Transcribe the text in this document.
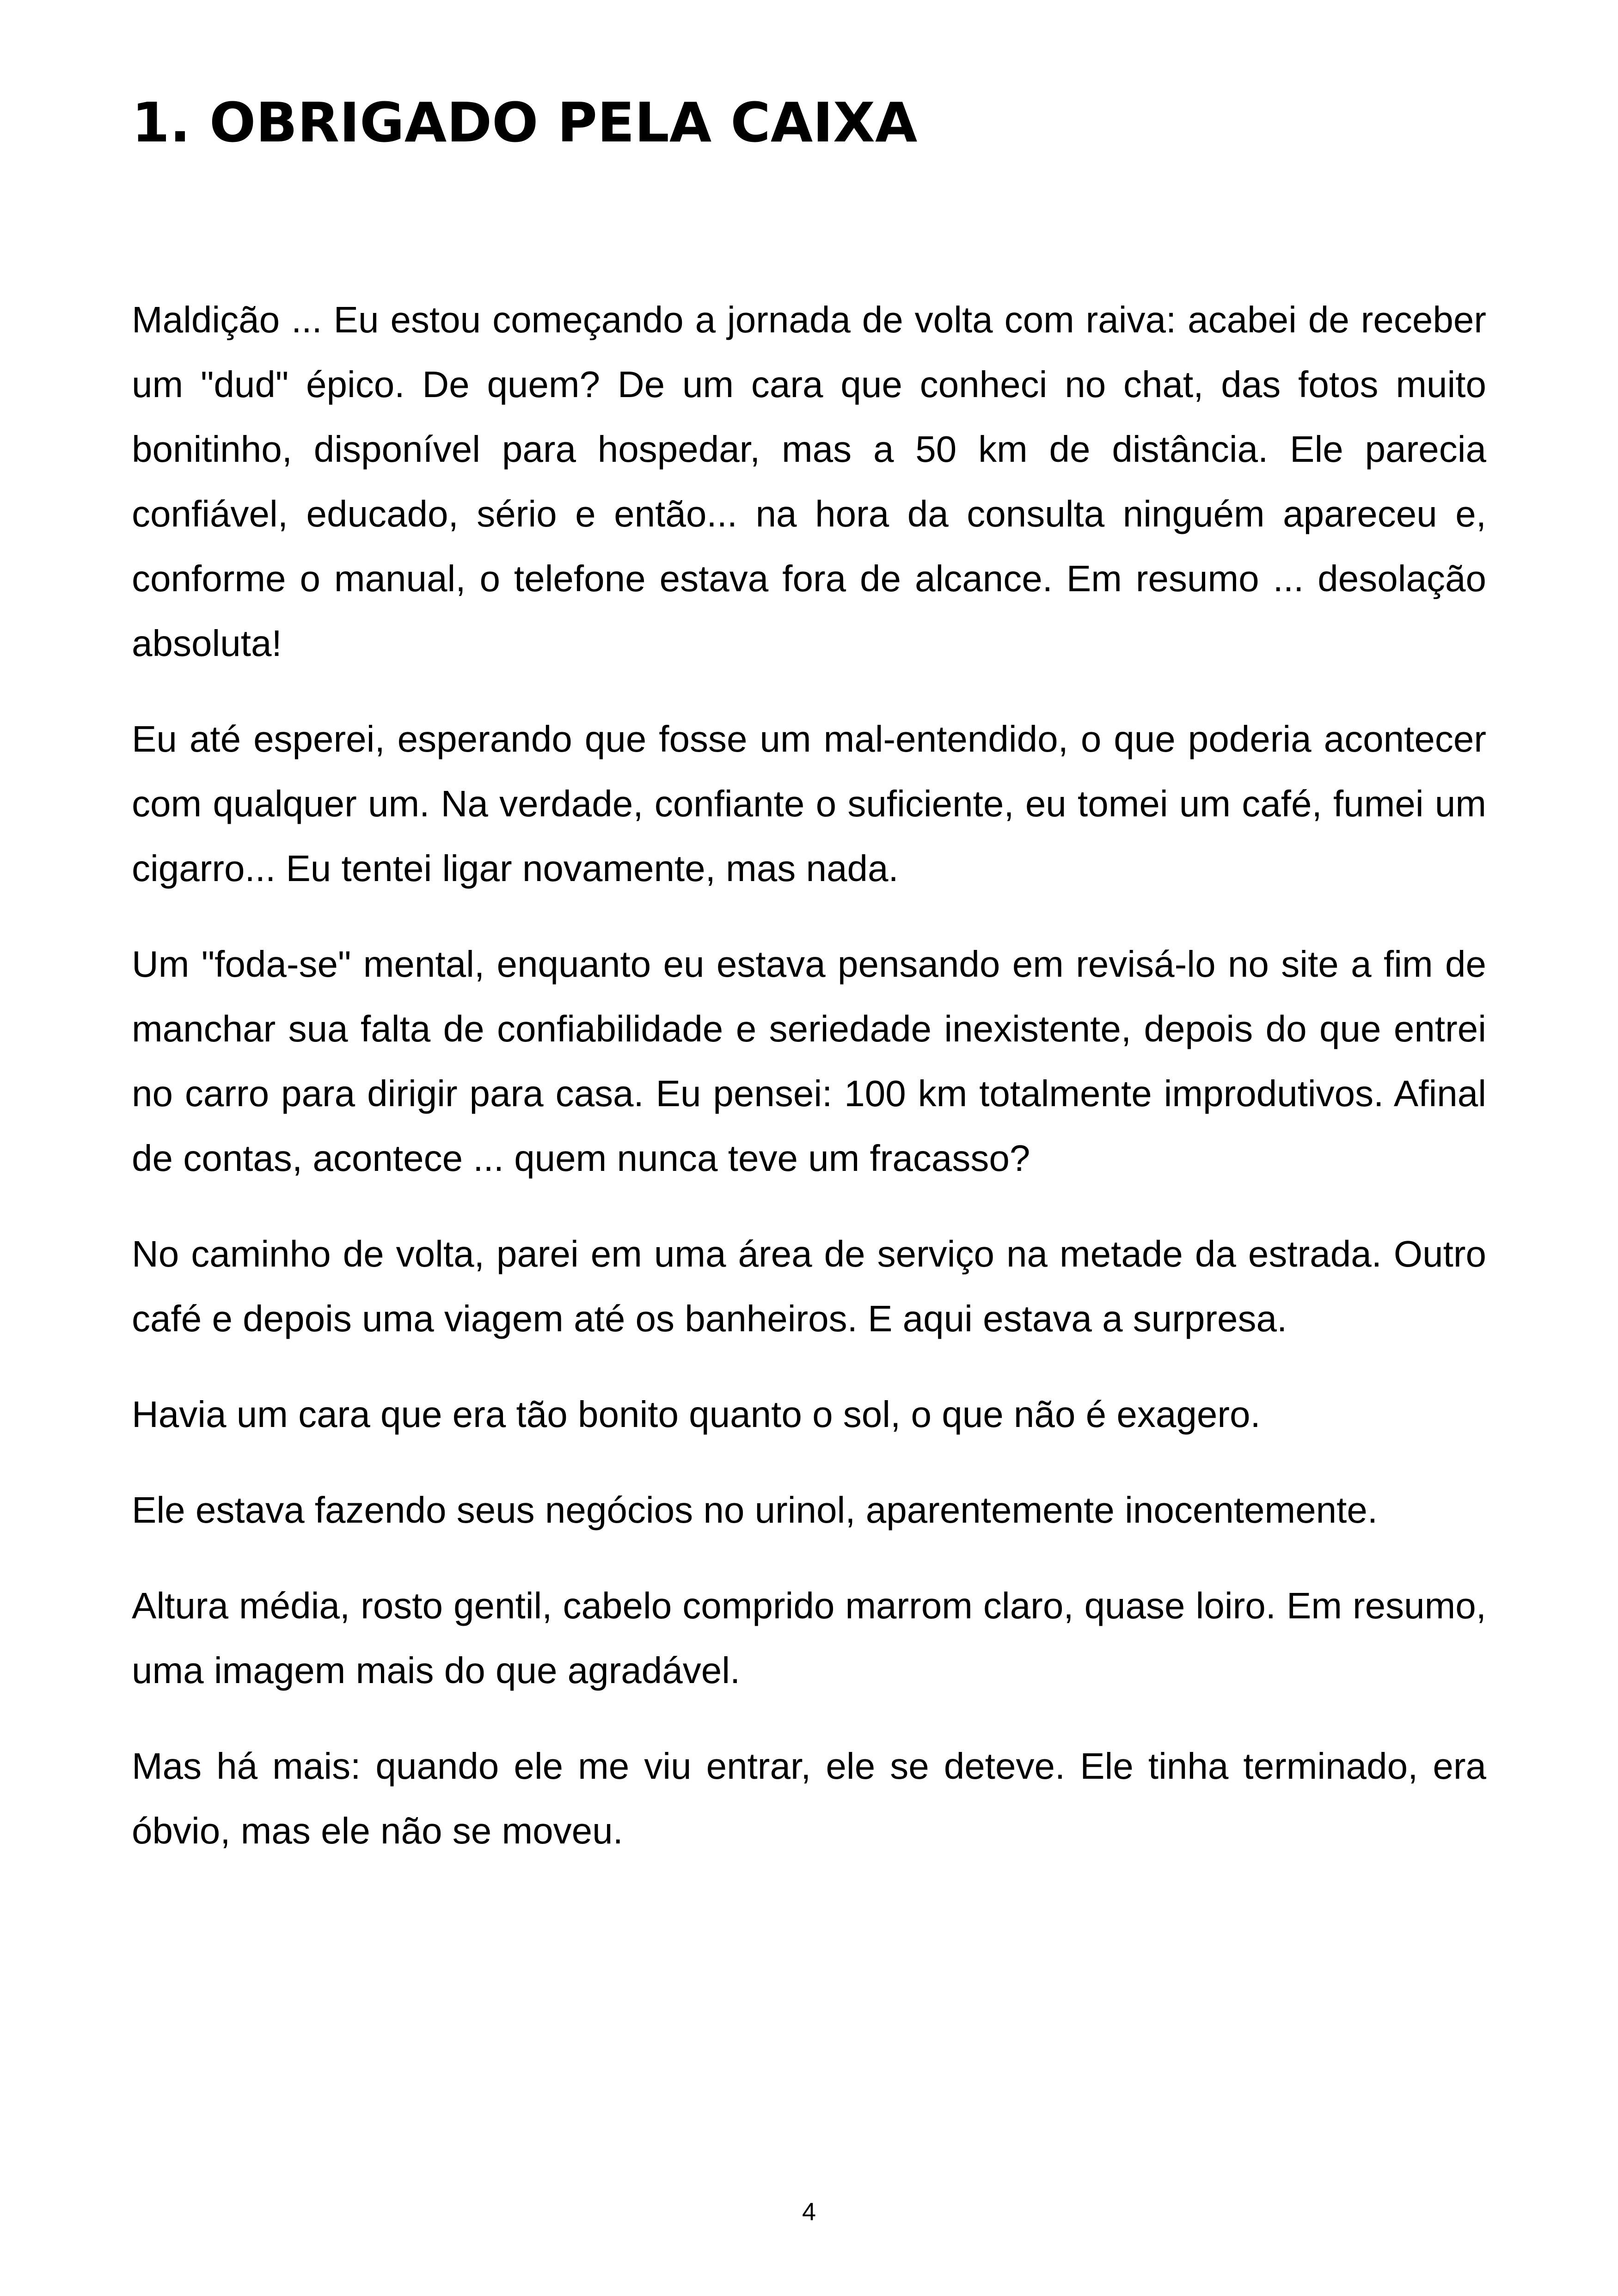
1. OBRIGADO PELA CAIXA

Maldição ... Eu estou começando a jornada de volta com raiva: acabei de receber um "dud" épico. De quem? De um cara que conheci no chat, das fotos muito bonitinho, disponível para hospedar, mas a 50 km de distância. Ele parecia confiável, educado, sério e então... na hora da consulta ninguém apareceu e, conforme o manual, o telefone estava fora de alcance. Em resumo ... desolação absoluta!

Eu até esperei, esperando que fosse um mal-entendido, o que poderia acontecer com qualquer um. Na verdade, confiante o suficiente, eu tomei um café, fumei um cigarro... Eu tentei ligar novamente, mas nada.

Um "foda-se" mental, enquanto eu estava pensando em revisá-lo no site a fim de manchar sua falta de confiabilidade e seriedade inexistente, depois do que entrei no carro para dirigir para casa. Eu pensei: 100 km totalmente improdutivos. Afinal de contas, acontece ... quem nunca teve um fracasso?

No caminho de volta, parei em uma área de serviço na metade da estrada. Outro café e depois uma viagem até os banheiros. E aqui estava a surpresa.

Havia um cara que era tão bonito quanto o sol, o que não é exagero.

Ele estava fazendo seus negócios no urinol, aparentemente inocentemente.

Altura média, rosto gentil, cabelo comprido marrom claro, quase loiro. Em resumo, uma imagem mais do que agradável.

Mas há mais: quando ele me viu entrar, ele se deteve. Ele tinha terminado, era óbvio, mas ele não se moveu.

4
